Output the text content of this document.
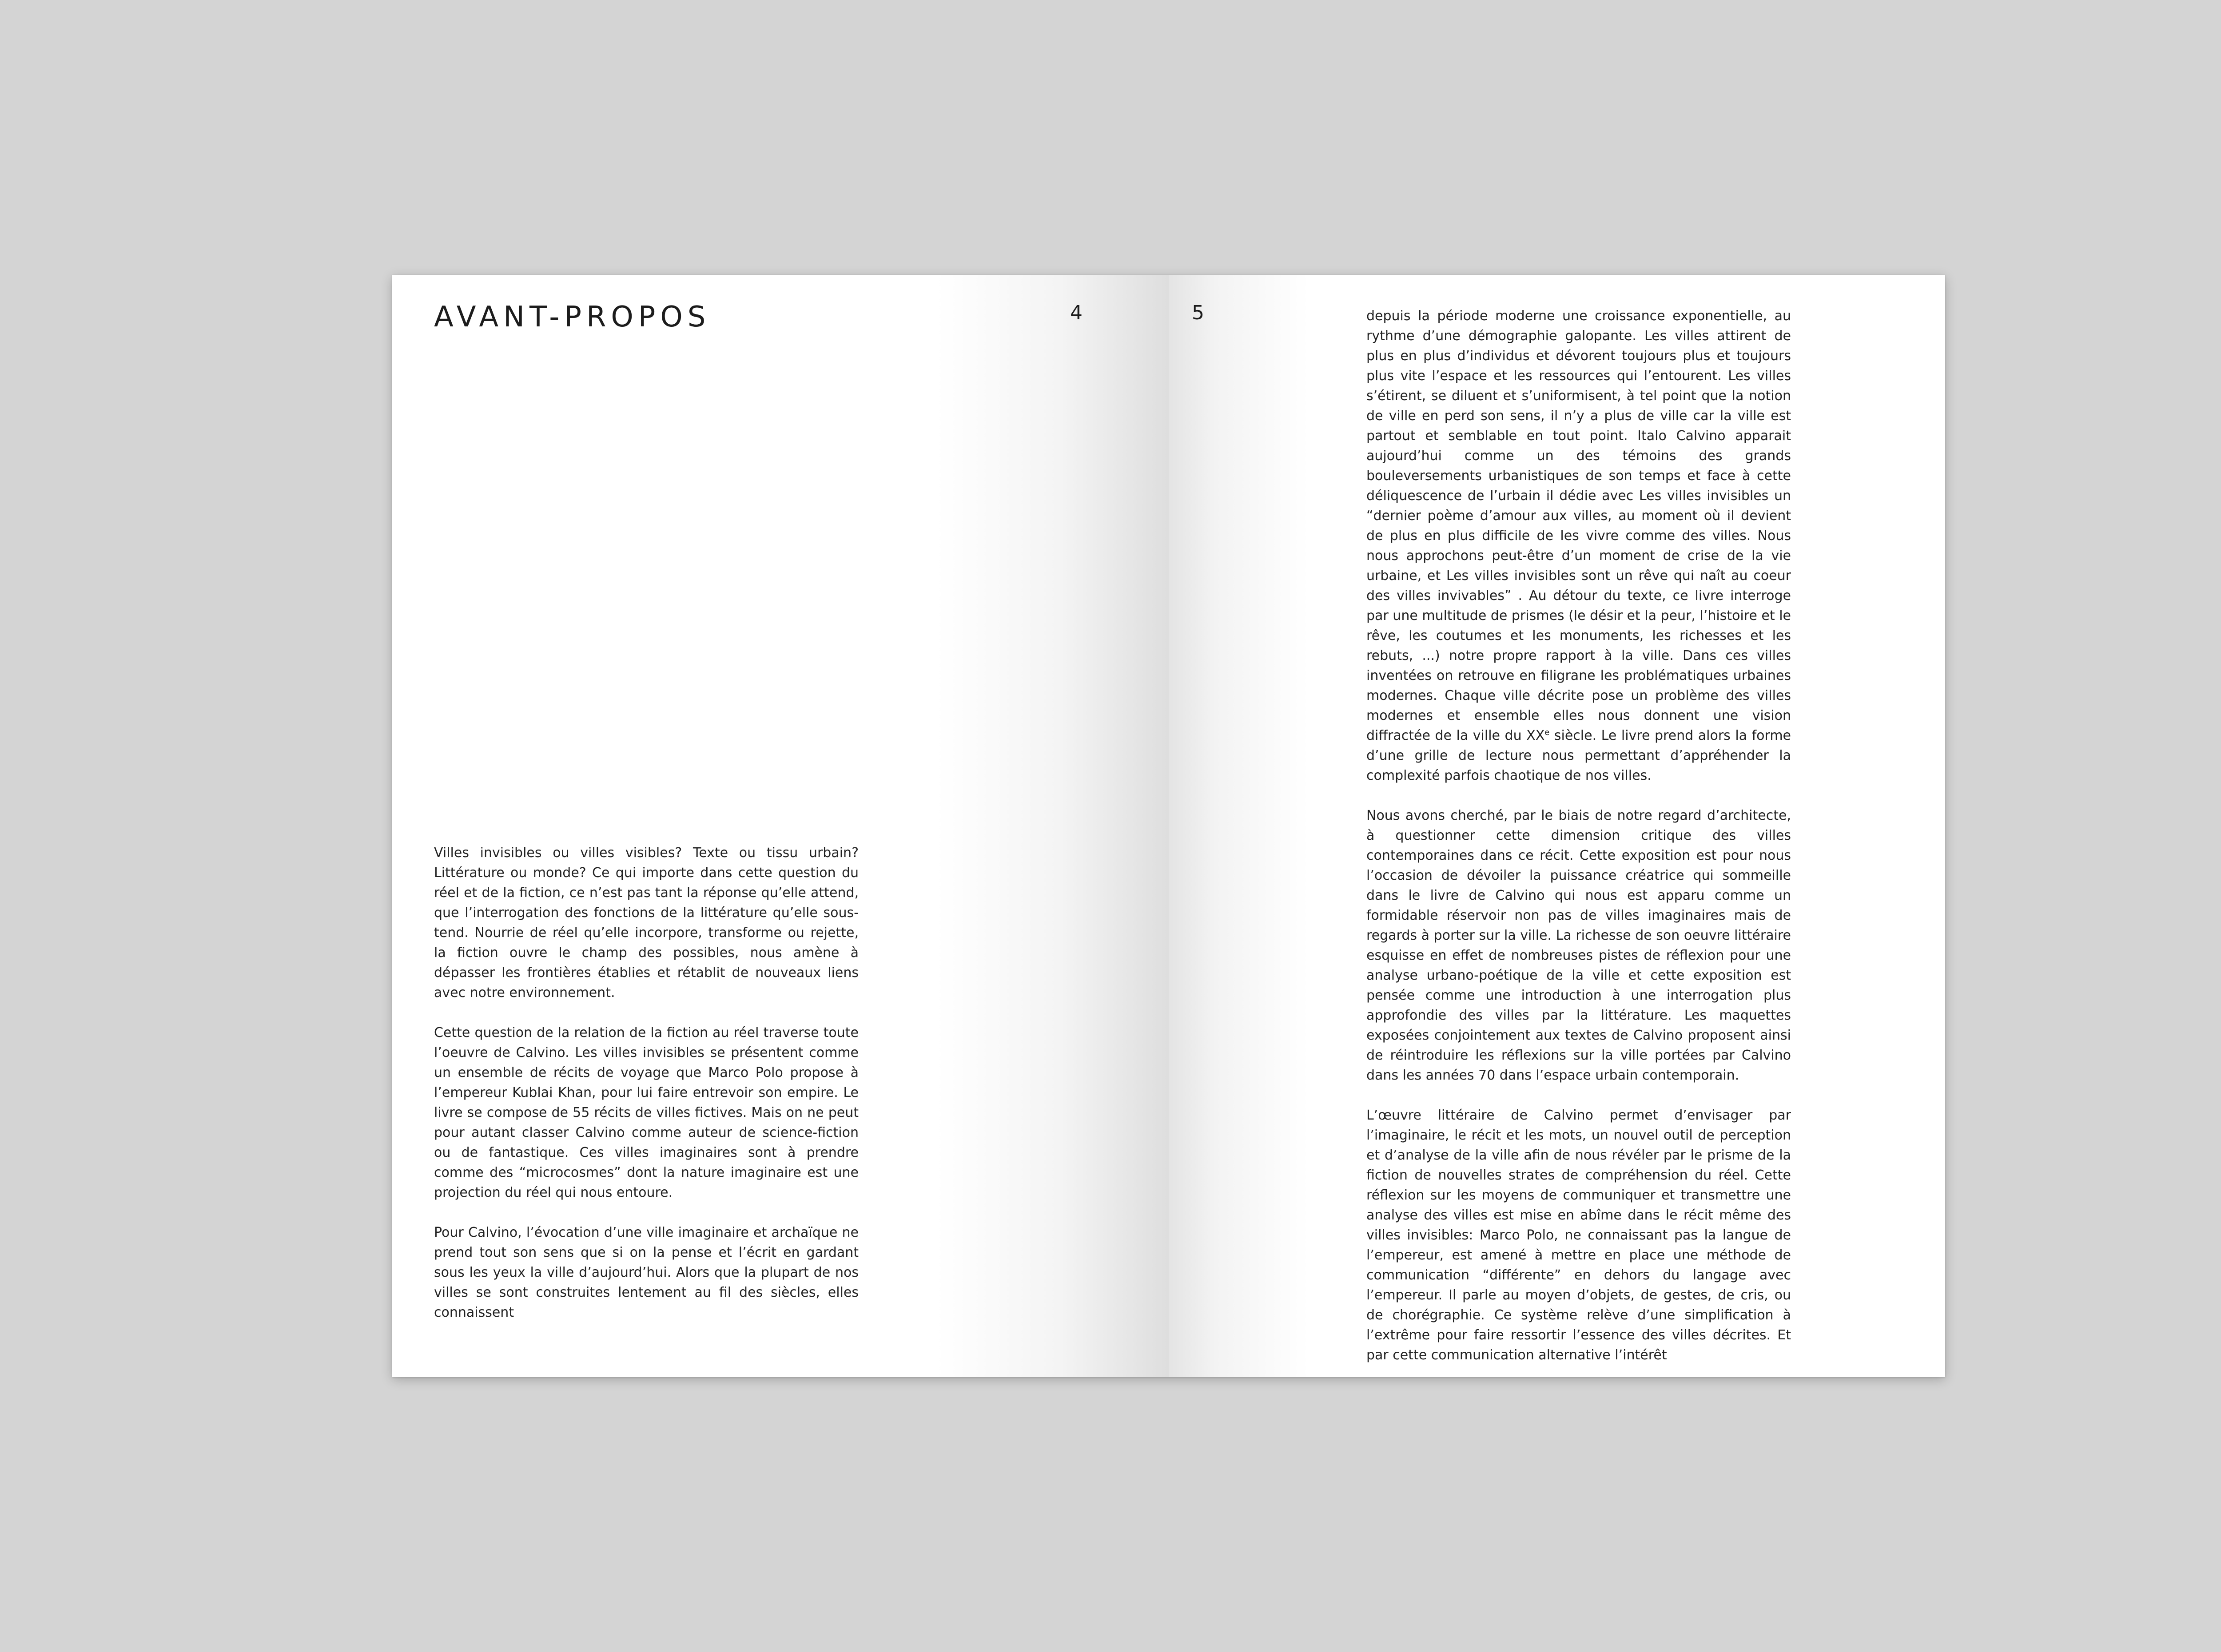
AVANT-PROPOS	4

Villes invisibles ou villes visibles? Texte ou tissu urbain? Littérature ou monde? Ce qui importe dans cette question du réel et de la fiction, ce n’est pas tant la réponse qu’elle attend, que l’interrogation des fonctions de la littérature qu’elle sous-tend. Nourrie de réel qu’elle incorpore, transforme ou rejette, la fiction ouvre le champ des possibles, nous amène à dépasser les frontières établies et rétablit de nouveaux liens avec notre environnement.

Cette question de la relation de la fiction au réel traverse toute l’oeuvre de Calvino. Les villes invisibles se présentent comme un ensemble de récits de voyage que Marco Polo propose à l’empereur Kublai Khan, pour lui faire entrevoir son empire. Le livre se compose de 55 récits de villes fictives. Mais on ne peut pour autant classer Calvino comme auteur de science-fiction ou de fantastique. Ces villes imaginaires sont à prendre comme des “microcosmes” dont la nature imaginaire est une projection du réel qui nous entoure.

Pour Calvino, l’évocation d’une ville imaginaire et archaïque ne prend tout son sens que si on la pense et l’écrit en gardant sous les yeux la ville d’aujourd’hui. Alors que la plupart de nos villes se sont construites lentement au fil des siècles, elles connaissent

5	depuis la période moderne une croissance exponentielle, au rythme d’une démographie galopante. Les villes attirent de plus en plus d’individus et dévorent toujours plus et toujours plus vite l’espace et les ressources qui l’entourent. Les villes s’étirent, se diluent et s’uniformisent, à tel point que la notion de ville en perd son sens, il n’y a plus de ville car la ville est partout et semblable en tout point. Italo Calvino apparait aujourd’hui comme un des témoins des grands bouleversements urbanistiques de son temps et face à cette déliquescence de l’urbain il dédie avec Les villes invisibles un “dernier poème d’amour aux villes, au moment où il devient de plus en plus difficile de les vivre comme des villes. Nous nous approchons peut-être d’un moment de crise de la vie urbaine, et Les villes invisibles sont un rêve qui naît au coeur des villes invivables” . Au détour du texte, ce livre interroge par une multitude de prismes (le désir et la peur, l’histoire et le rêve, les coutumes et les monuments, les richesses et les rebuts, ...) notre propre rapport à la ville. Dans ces villes inventées on retrouve en filigrane les problématiques urbaines modernes. Chaque ville décrite pose un problème des villes modernes et ensemble elles nous donnent une vision diffractée de la ville du XXe siècle. Le livre prend alors la forme d’une grille de lecture nous permettant d’appréhender la complexité parfois chaotique de nos villes.

Nous avons cherché, par le biais de notre regard d’architecte, à questionner cette dimension critique des villes contemporaines dans ce récit. Cette exposition est pour nous l’occasion de dévoiler la puissance créatrice qui sommeille dans le livre de Calvino qui nous est apparu comme un formidable réservoir non pas de villes imaginaires mais de regards à porter sur la ville. La richesse de son oeuvre littéraire esquisse en effet de nombreuses pistes de réflexion pour une analyse urbano-poétique de la ville et cette exposition est pensée comme une introduction à une interrogation plus approfondie des villes par la littérature. Les maquettes exposées conjointement aux textes de Calvino proposent ainsi de réintroduire les réflexions sur la ville portées par Calvino dans les années 70 dans l’espace urbain contemporain.

L’œuvre littéraire de Calvino permet d’envisager par l’imaginaire, le récit et les mots, un nouvel outil de perception et d’analyse de la ville afin de nous révéler par le prisme de la fiction de nouvelles strates de compréhension du réel. Cette réflexion sur les moyens de communiquer et transmettre une analyse des villes est mise en abîme dans le récit même des villes invisibles: Marco Polo, ne connaissant pas la langue de l’empereur, est amené à mettre en place une méthode de communication “différente” en dehors du langage avec l’empereur. Il parle au moyen d’objets, de gestes, de cris, ou de chorégraphie. Ce système relève d’une simplification à l’extrême pour faire ressortir l’essence des villes décrites. Et par cette communication alternative l’intérêt
